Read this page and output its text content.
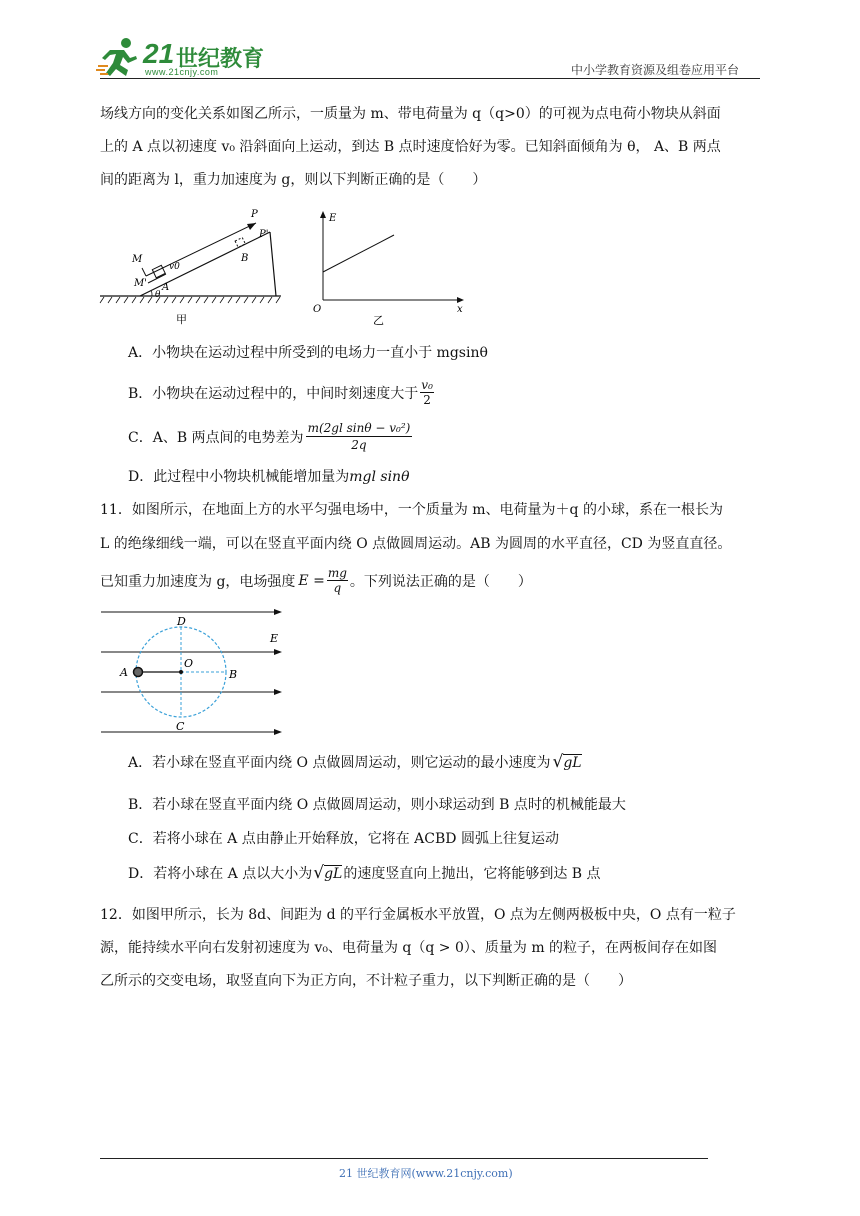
21 世纪教育
www.21cnjy.com	中小学教育资源及组卷应用平台
场线方向的变化关系如图乙所示，一质量为 m、带电荷量为 q（q>0）的可视为点电荷小物块从斜面
上的 A 点以初速度 v₀ 沿斜面向上运动，到达 B 点时速度恰好为零。已知斜面倾角为 θ， A、B 两点
间的距离为 l，重力加速度为 g，则以下判断正确的是（　　）
P
P'
B
M
M' A
v0
θ
甲
E
O	x
乙
A．小物块在运动过程中所受到的电场力一直小于 mgsinθ
B．小物块在运动过程中的，中间时刻速度大于
v₀
2
C．A、B 两点间的电势差为
m(2gl sinθ − v₀²)
2q
D．此过程中小物块机械能增加量为mgl sinθ
11．如图所示，在地面上方的水平匀强电场中，一个质量为 m、电荷量为＋q 的小球，系在一根长为
L 的绝缘细线一端，可以在竖直平面内绕 O 点做圆周运动。AB 为圆周的水平直径，CD 为竖直直径。
已知重力加速度为 g，电场强度 $E = \frac{mg}{q}$ 。下列说法正确的是（　　）
D
E
A
O
B
C
A．若小球在竖直平面内绕 O 点做圆周运动，则它运动的最小速度为 √ gL
B．若小球在竖直平面内绕 O 点做圆周运动，则小球运动到 B 点时的机械能最大
C．若将小球在 A 点由静止开始释放，它将在 ACBD 圆弧上往复运动
D．若将小球在 A 点以大小为 √ gL 的速度竖直向上抛出，它将能够到达 B 点
12．如图甲所示，长为 8d、间距为 d 的平行金属板水平放置，O 点为左侧两极板中央，O 点有一粒子
源，能持续水平向右发射初速度为 v₀、电荷量为 q（q > 0）、质量为 m 的粒子，在两板间存在如图
乙所示的交变电场，取竖直向下为正方向，不计粒子重力，以下判断正确的是（　　）
21 世纪教育网(www.21cnjy.com)
